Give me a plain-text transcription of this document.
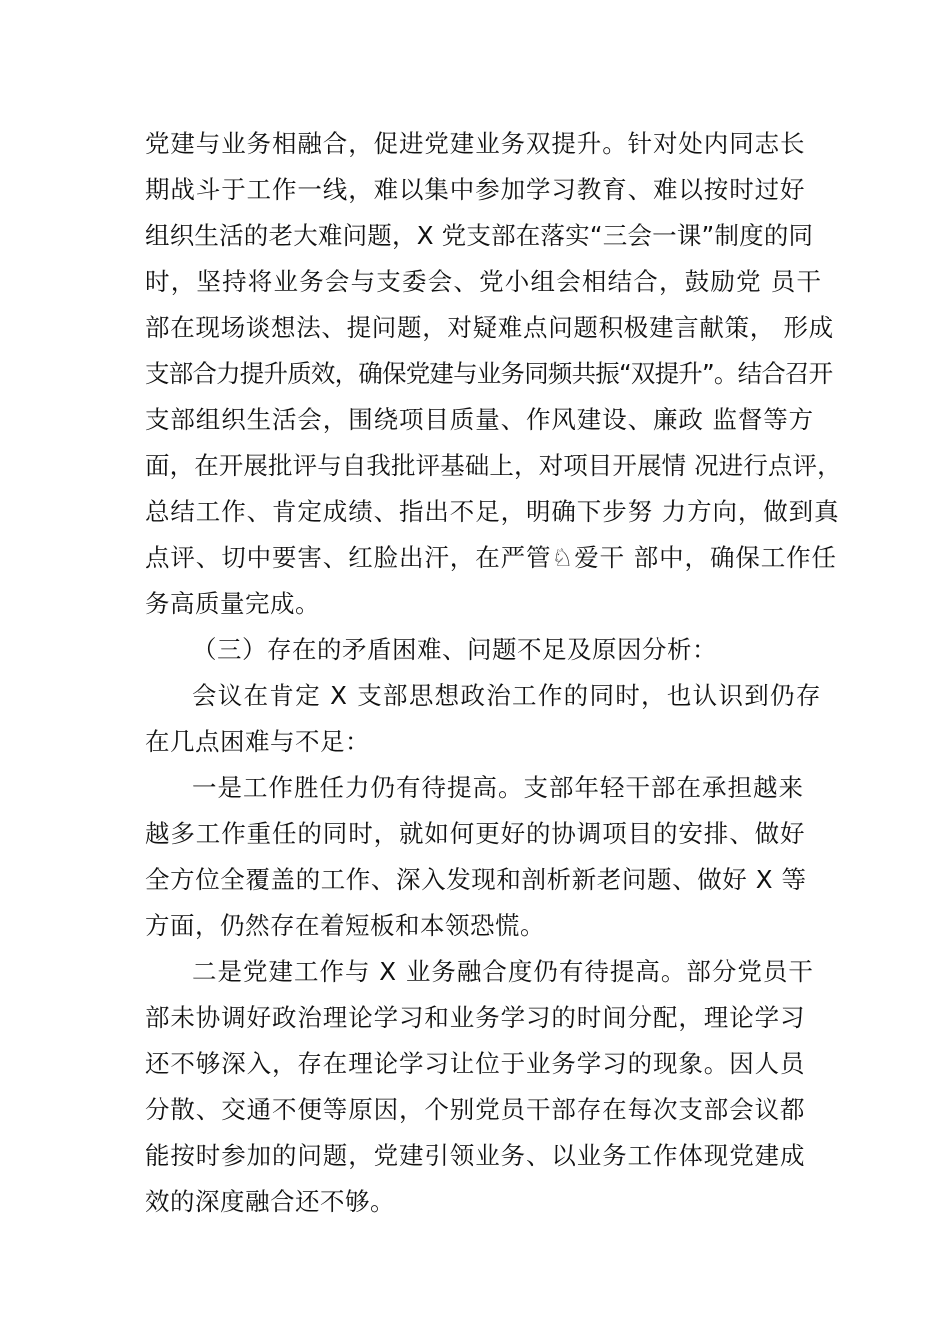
党建与业务相融合，促进党建业务双提升。针对处内同志长
期战斗于工作一线，难以集中参加学习教育、难以按时过好
组织生活的老大难问题，X 党支部在落实“三会一课”制度的同
时，坚持将业务会与支委会、党小组会相结合，鼓励党 员干
部在现场谈想法、提问题，对疑难点问题积极建言献策， 形成
支部合力提升质效，确保党建与业务同频共振“双提升”。结合召开
支部组织生活会，围绕项目质量、作风建设、廉政 监督等方
面，在开展批评与自我批评基础上，对项目开展情 况进行点评，
总结工作、肯定成绩、指出不足，明确下步努 力方向，做到真
点评、切中要害、红脸出汗，在严管♘爱干 部中，确保工作任
务高质量完成。
（三）存在的矛盾困难、问题不足及原因分析：
会议在肯定 X 支部思想政治工作的同时，也认识到仍存
在几点困难与不足：
一是工作胜任力仍有待提高。支部年轻干部在承担越来
越多工作重任的同时，就如何更好的协调项目的安排、做好
全方位全覆盖的工作、深入发现和剖析新老问题、做好 X 等
方面，仍然存在着短板和本领恐慌。
二是党建工作与 X 业务融合度仍有待提高。部分党员干
部未协调好政治理论学习和业务学习的时间分配，理论学习
还不够深入，存在理论学习让位于业务学习的现象。因人员
分散、交通不便等原因，个别党员干部存在每次支部会议都
能按时参加的问题，党建引领业务、以业务工作体现党建成
效的深度融合还不够。
